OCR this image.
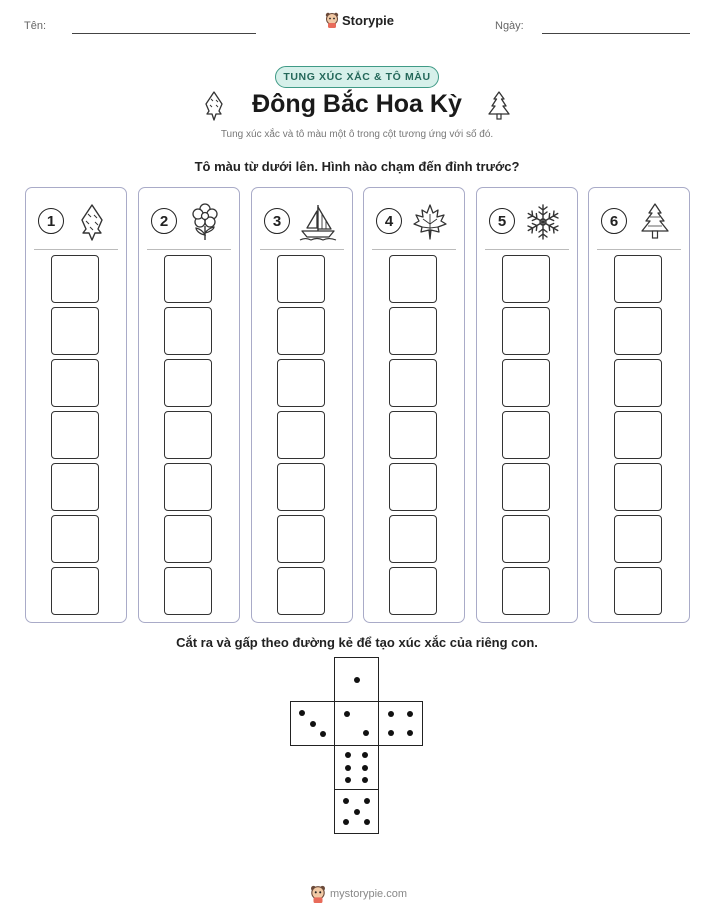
Tên:	Storypie	Ngày:
TUNG XÚC XẮC & TÔ MÀU
Đông Bắc Hoa Kỳ
Tung xúc xắc và tô màu một ô trong cột tương ứng với số đó.
Tô màu từ dưới lên. Hình nào chạm đến đỉnh trước?
1	2	3	4	5	6
Cắt ra và gấp theo đường kẻ để tạo xúc xắc của riêng con.
mystorypie.com
